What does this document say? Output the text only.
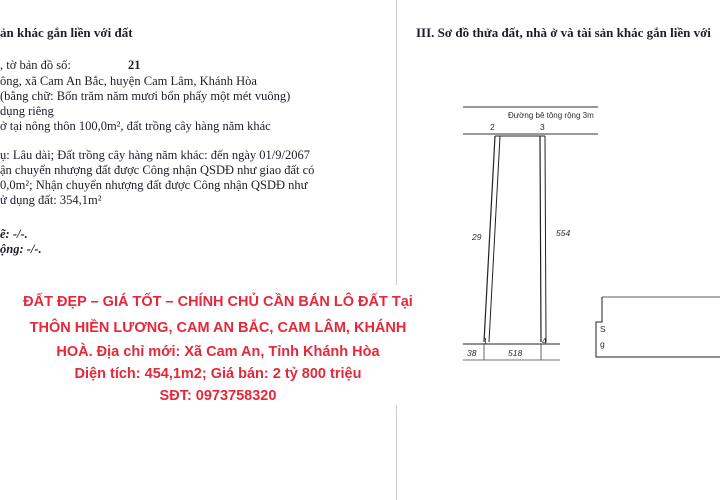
ản khác gắn liền với đất
, tờ bản đồ số:	21
ông, xã Cam An Bắc, huyện Cam Lâm, Khánh Hòa
(bằng chữ: Bốn trăm năm mươi bốn phẩy một mét vuông)
dụng riêng
ở tại nông thôn 100,0m², đất trồng cây hàng năm khác
ụ: Lâu dài; Đất trồng cây hàng năm khác: đến ngày 01/9/2067
ận chuyển nhượng đất được Công nhận QSDĐ như giao đất có
0,0m²; Nhận chuyển nhượng đất được Công nhận QSDĐ như
ử dụng đất: 354,1m²
ẽ: -/-.
ộng: -/-.
III. Sơ đồ thửa đất, nhà ở và tài sản khác gắn liền với
Đường bê tông rộng 3m
2	3
1	4
29	554
38	518
S
g
ĐẤT ĐẸP – GIÁ TỐT – CHÍNH CHỦ CẦN BÁN LÔ ĐẤT Tại
THÔN HIỀN LƯƠNG, CAM AN BẮC, CAM LÂM, KHÁNH
HOÀ. Địa chỉ mới: Xã Cam An, Tỉnh Khánh Hòa
Diện tích: 454,1m2; Giá bán: 2 tỷ 800 triệu
SĐT: 0973758320
